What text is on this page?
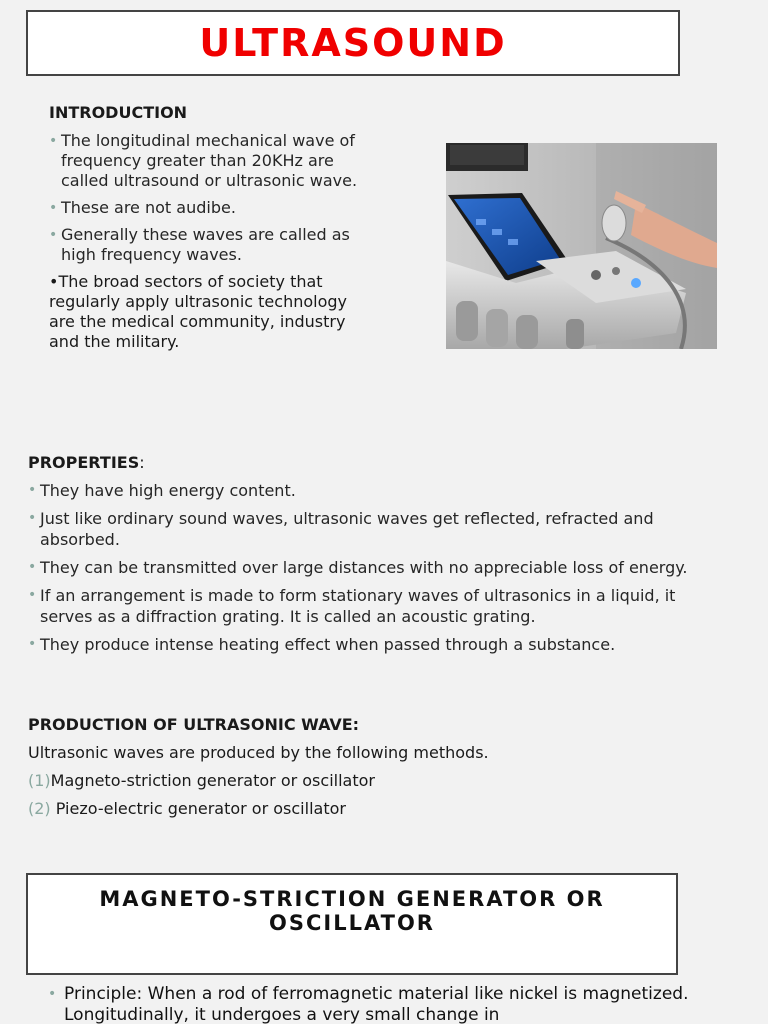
ULTRASOUND
INTRODUCTION
• The longitudinal mechanical wave of frequency greater than 20KHz are called ultrasound or ultrasonic wave.
• These are not audibe.
• Generally these waves are called as high frequency waves.
•The broad sectors of society that regularly apply ultrasonic technology are the medical community, industry and the military.
PROPERTIES:
• They have high energy content.
• Just like ordinary sound waves, ultrasonic waves get reflected, refracted and absorbed.
• They can be transmitted over large distances with no appreciable loss of energy.
• If an arrangement is made to form stationary waves of ultrasonics in a liquid, it serves as a diffraction grating. It is called an acoustic grating.
• They produce intense heating effect when passed through a substance.
PRODUCTION OF ULTRASONIC WAVE:
Ultrasonic waves are produced by the following methods.
(1)Magneto-striction generator or oscillator
(2) Piezo-electric generator or oscillator
MAGNETO-STRICTION GENERATOR OR
OSCILLATOR
• Principle: When a rod of ferromagnetic material like nickel is magnetized. Longitudinally, it undergoes a very small change in
